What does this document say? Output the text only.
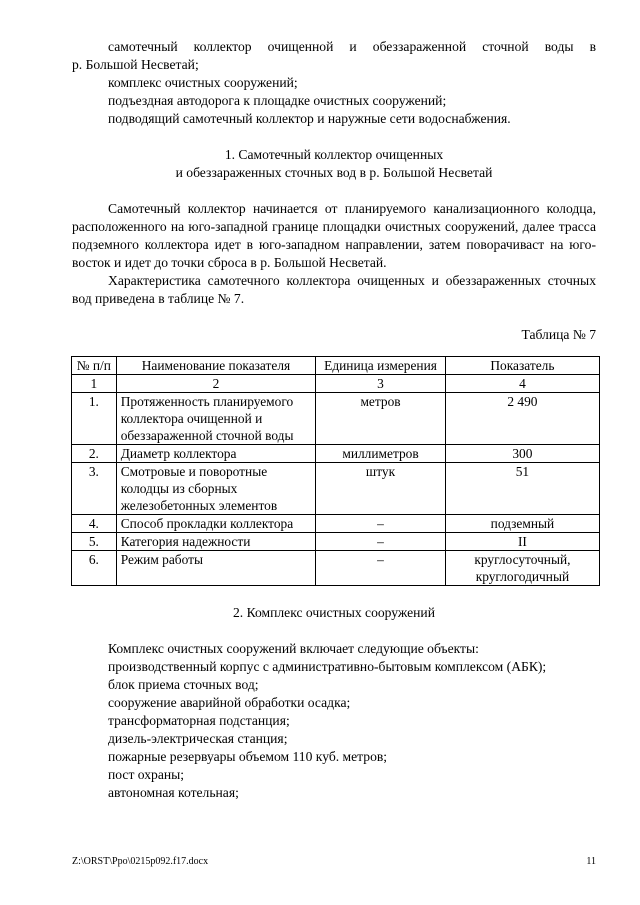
самотечный коллектор очищенной и обеззараженной сточной воды в

р. Большой Несветай;

комплекс очистных сооружений;

подъездная автодорога к площадке очистных сооружений;

подводящий самотечный коллектор и наружные сети водоснабжения.

1. Самотечный коллектор очищенных

и обеззараженных сточных вод в р. Большой Несветай

Самотечный коллектор начинается от планируемого канализационного колодца, расположенного на юго-западной границе площадки очистных сооружений, далее трасса подземного коллектора идет в юго-западном направлении, затем поворачиваст на юго-восток и идет до точки сброса в р. Большой Несветай.

Характеристика самотечного коллектора очищенных и обеззараженных сточных вод приведена в таблице № 7.

Таблица № 7

№ п/п	Наименование показателя	Единица измерения	Показатель
1	2	3	4
1.	Протяженность планируемого коллектора очищенной и обеззараженной сточной воды	метров	2 490
2.	Диаметр коллектора	миллиметров	300
3.	Смотровые и поворотные колодцы из сборных железобетонных элементов	штук	51
4.	Способ прокладки коллектора	–	подземный
5.	Категория надежности	–	II
6.	Режим работы	–	круглосуточный, круглогодичный

2. Комплекс очистных сооружений

Комплекс очистных сооружений включает следующие объекты:

производственный корпус с административно-бытовым комплексом (АБК);

блок приема сточных вод;

сооружение аварийной обработки осадка;

трансформаторная подстанция;

дизель-электрическая станция;

пожарные резервуары объемом 110 куб. метров;

пост охраны;

автономная котельная;

Z:\ORST\Ppo\0215p092.f17.docx	11
